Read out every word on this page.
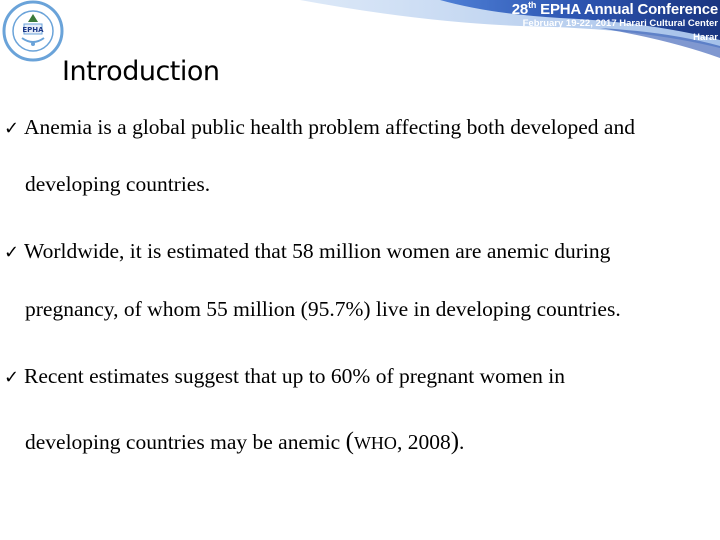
28th EPHA Annual Conference
February 19-22, 2017 Harari Cultural Center
Harar
EPHA
Introduction
✓ Anemia is a global public health problem affecting both developed and
developing countries.
✓ Worldwide, it is estimated that 58 million women are anemic during
pregnancy, of whom 55 million (95.7%) live in developing countries.
✓ Recent estimates suggest that up to 60% of pregnant women in
developing countries may be anemic (WHO, 2008).
